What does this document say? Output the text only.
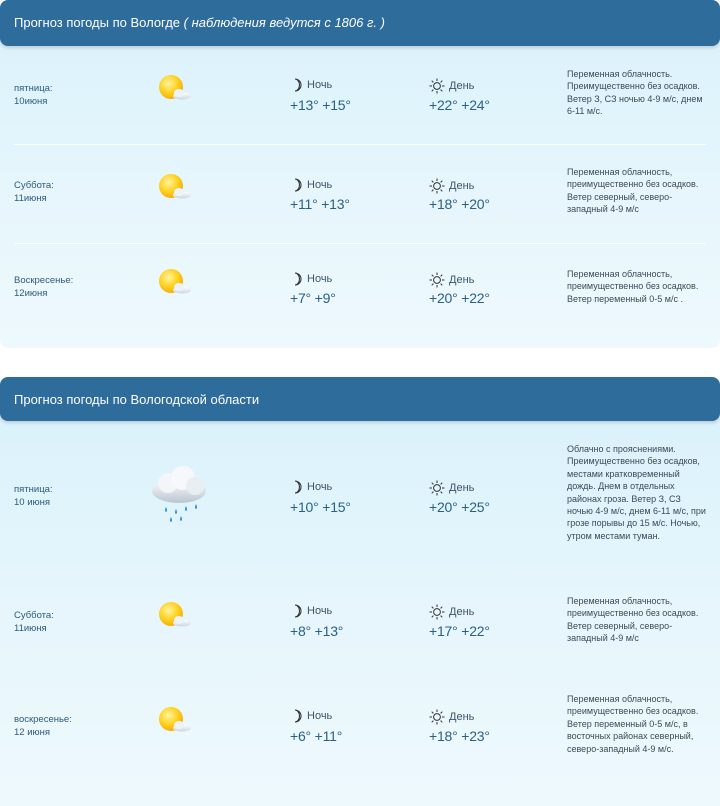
Прогноз погоды по Вологде ( наблюдения ведутся с 1806 г. )
пятница:
10июня
Ночь
+13° +15°
День
+22° +24°
Переменная облачность. Преимущественно без осадков. Ветер З, СЗ ночью 4-9 м/с, днем 6-11 м/с.
Суббота:
11июня
Ночь
+11° +13°
День
+18° +20°
Переменная облачность, преимущественно без осадков. Ветер северный, северо-западный 4-9 м/с
Воскресенье:
12июня
Ночь
+7° +9°
День
+20° +22°
Переменная облачность, преимущественно без осадков. Ветер переменный 0-5 м/с .
Прогноз погоды по Вологодской области
пятница:
10 июня
Ночь
+10° +15°
День
+20° +25°
Облачно с прояснениями. Преимущественно без осадков, местами кратковременный дождь. Днем в отдельных районах гроза. Ветер З, СЗ ночью 4-9 м/с, днем 6-11 м/с, при грозе порывы до 15 м/с. Ночью, утром местами туман.
Суббота:
11июня
Ночь
+8° +13°
День
+17° +22°
Переменная облачность, преимущественно без осадков. Ветер северный, северо-западный 4-9 м/с
воскресенье:
12 июня
Ночь
+6° +11°
День
+18° +23°
Переменная облачность, преимущественно без осадков. Ветер переменный 0-5 м/с, в восточных районах северный, северо-западный 4-9 м/с.
